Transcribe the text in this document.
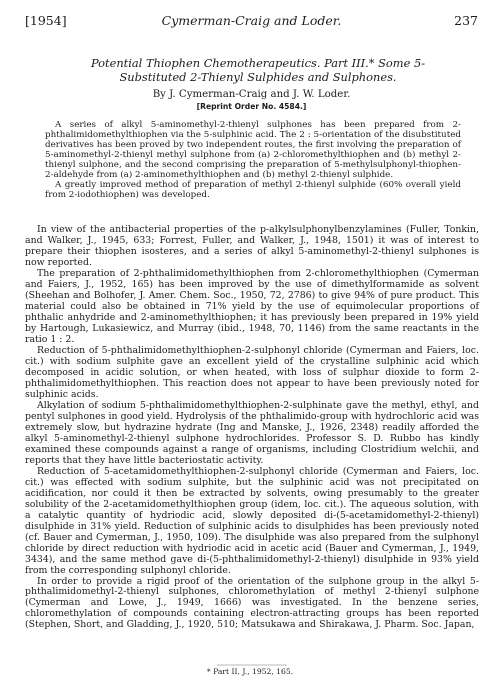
[1954]	Cymerman-Craig and Loder.	237
Potential Thiophen Chemotherapeutics. Part III.* Some 5-Substituted 2-Thienyl Sulphides and Sulphones.
By J. Cymerman-Craig and J. W. Loder.
[Reprint Order No. 4584.]

A series of alkyl 5-aminomethyl-2-thienyl sulphones has been prepared from 2-phthalimidomethylthiophen via the 5-sulphinic acid. The 2 : 5-orientation of the disubstituted derivatives has been proved by two independent routes, the first involving the preparation of 5-aminomethyl-2-thienyl methyl sulphone from (a) 2-chloromethylthiophen and (b) methyl 2-thienyl sulphone, and the second comprising the preparation of 5-methylsulphonyl-thiophen-2-aldehyde from (a) 2-aminomethylthiophen and (b) methyl 2-thienyl sulphide.

A greatly improved method of preparation of methyl 2-thienyl sulphide (60% overall yield from 2-iodothiophen) was developed.

In view of the antibacterial properties of the p-alkylsulphonylbenzylamines (Fuller, Tonkin, and Walker, J., 1945, 633; Forrest, Fuller, and Walker, J., 1948, 1501) it was of interest to prepare their thiophen isosteres, and a series of alkyl 5-aminomethyl-2-thienyl sulphones is now reported.

The preparation of 2-phthalimidomethylthiophen from 2-chloromethylthiophen (Cymerman and Faiers, J., 1952, 165) has been improved by the use of dimethylformamide as solvent (Sheehan and Bolhofer, J. Amer. Chem. Soc., 1950, 72, 2786) to give 94% of pure product. This material could also be obtained in 71% yield by the use of equimolecular proportions of phthalic anhydride and 2-aminomethylthiophen; it has previously been prepared in 19% yield by Hartough, Lukasiewicz, and Murray (ibid., 1948, 70, 1146) from the same reactants in the ratio 1 : 2.

Reduction of 5-phthalimidomethylthiophen-2-sulphonyl chloride (Cymerman and Faiers, loc. cit.) with sodium sulphite gave an excellent yield of the crystalline sulphinic acid which decomposed in acidic solution, or when heated, with loss of sulphur dioxide to form 2-phthalimidomethylthiophen. This reaction does not appear to have been previously noted for sulphinic acids.

Alkylation of sodium 5-phthalimidomethylthiophen-2-sulphinate gave the methyl, ethyl, and pentyl sulphones in good yield. Hydrolysis of the phthalimido-group with hydrochloric acid was extremely slow, but hydrazine hydrate (Ing and Manske, J., 1926, 2348) readily afforded the alkyl 5-aminomethyl-2-thienyl sulphone hydrochlorides. Professor S. D. Rubbo has kindly examined these compounds against a range of organisms, including Clostridium welchii, and reports that they have little bacteriostatic activity.

Reduction of 5-acetamidomethylthiophen-2-sulphonyl chloride (Cymerman and Faiers, loc. cit.) was effected with sodium sulphite, but the sulphinic acid was not precipitated on acidification, nor could it then be extracted by solvents, owing presumably to the greater solubility of the 2-acetamidomethylthiophen group (idem, loc. cit.). The aqueous solution, with a catalytic quantity of hydriodic acid, slowly deposited di-(5-acetamidomethyl-2-thienyl) disulphide in 31% yield. Reduction of sulphinic acids to disulphides has been previously noted (cf. Bauer and Cymerman, J., 1950, 109). The disulphide was also prepared from the sulphonyl chloride by direct reduction with hydriodic acid in acetic acid (Bauer and Cymerman, J., 1949, 3434), and the same method gave di-(5-phthalimidomethyl-2-thienyl) disulphide in 93% yield from the corresponding sulphonyl chloride.

In order to provide a rigid proof of the orientation of the sulphone group in the alkyl 5-phthalimidomethyl-2-thienyl sulphones, chloromethylation of methyl 2-thienyl sulphone (Cymerman and Lowe, J., 1949, 1666) was investigated. In the benzene series, chloromethylation of compounds containing electron-attracting groups has been reported (Stephen, Short, and Gladding, J., 1920, 510; Matsukawa and Shirakawa, J. Pharm. Soc. Japan,

* Part II, J., 1952, 165.
